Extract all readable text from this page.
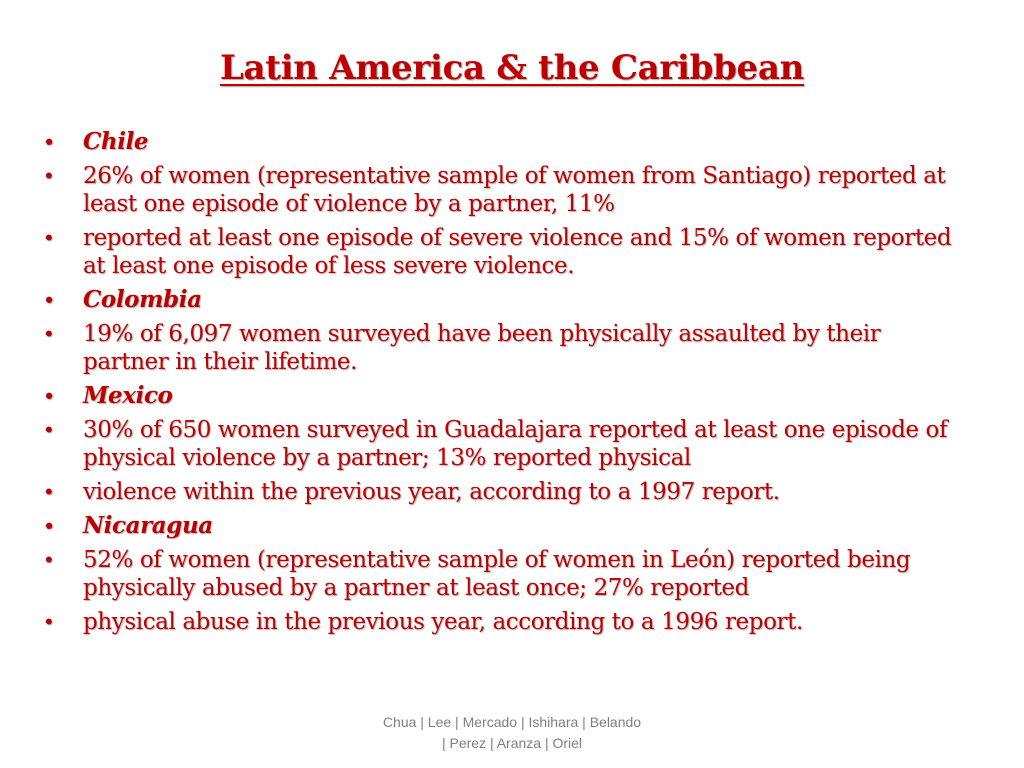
Latin America & the Caribbean
• Chile
• 26% of women (representative sample of women from Santiago) reported at least one episode of violence by a partner, 11%
• reported at least one episode of severe violence and 15% of women reported at least one episode of less severe violence.
• Colombia
• 19% of 6,097 women surveyed have been physically assaulted by their partner in their lifetime.
• Mexico
• 30% of 650 women surveyed in Guadalajara reported at least one episode of physical violence by a partner; 13% reported physical
• violence within the previous year, according to a 1997 report.
• Nicaragua
• 52% of women (representative sample of women in León) reported being physically abused by a partner at least once; 27% reported
• physical abuse in the previous year, according to a 1996 report.
Chua | Lee | Mercado | Ishihara | Belando
| Perez | Aranza | Oriel
